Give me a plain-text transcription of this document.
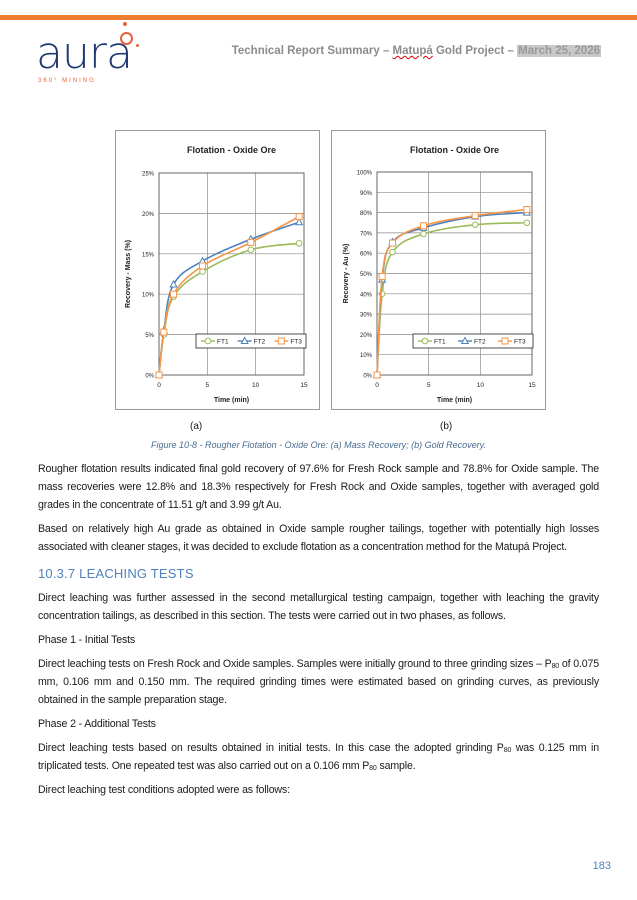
aura
360° MINING
Technical Report Summary – Matupá Gold Project – March 25, 2026
Flotation - Oxide Ore
0%
5%
10%
15%
20%
25%
0	5	10	15
Time (min)
Recovery - Mass (%)
FT1	FT2	FT3
Flotation - Oxide Ore
0%
10%
20%
30%
40%
50%
60%
70%
80%
90%
100%
0	5	10	15
Time (min)
Recovery - Au (%)
FT1	FT2	FT3
(a)	(b)
Figure 10-8 - Rougher Flotation - Oxide Ore: (a) Mass Recovery; (b) Gold Recovery.
Rougher flotation results indicated final gold recovery of 97.6% for Fresh Rock sample and 78.8% for Oxide sample. The mass recoveries were 12.8% and 18.3% respectively for Fresh Rock and Oxide samples, together with averaged gold grades in the concentrate of 11.51 g/t and 3.99 g/t Au.
Based on relatively high Au grade as obtained in Oxide sample rougher tailings, together with potentially high losses associated with cleaner stages, it was decided to exclude flotation as a concentration method for the Matupá Project.
10.3.7 LEACHING TESTS
Direct leaching was further assessed in the second metallurgical testing campaign, together with leaching the gravity concentration tailings, as described in this section. The tests were carried out in two phases, as follows.
Phase 1 - Initial Tests
Direct leaching tests on Fresh Rock and Oxide samples. Samples were initially ground to three grinding sizes – $P_{80}$ of 0.075 mm, 0.106 mm and 0.150 mm. The required grinding times were estimated based on grinding curves, as previously obtained in the sample preparation stage.
Phase 2 - Additional Tests
Direct leaching tests based on results obtained in initial tests. In this case the adopted grinding $P_{80}$ was 0.125 mm in triplicated tests. One repeated test was also carried out on a 0.106 mm $P_{80}$ sample.
Direct leaching test conditions adopted were as follows:
183
